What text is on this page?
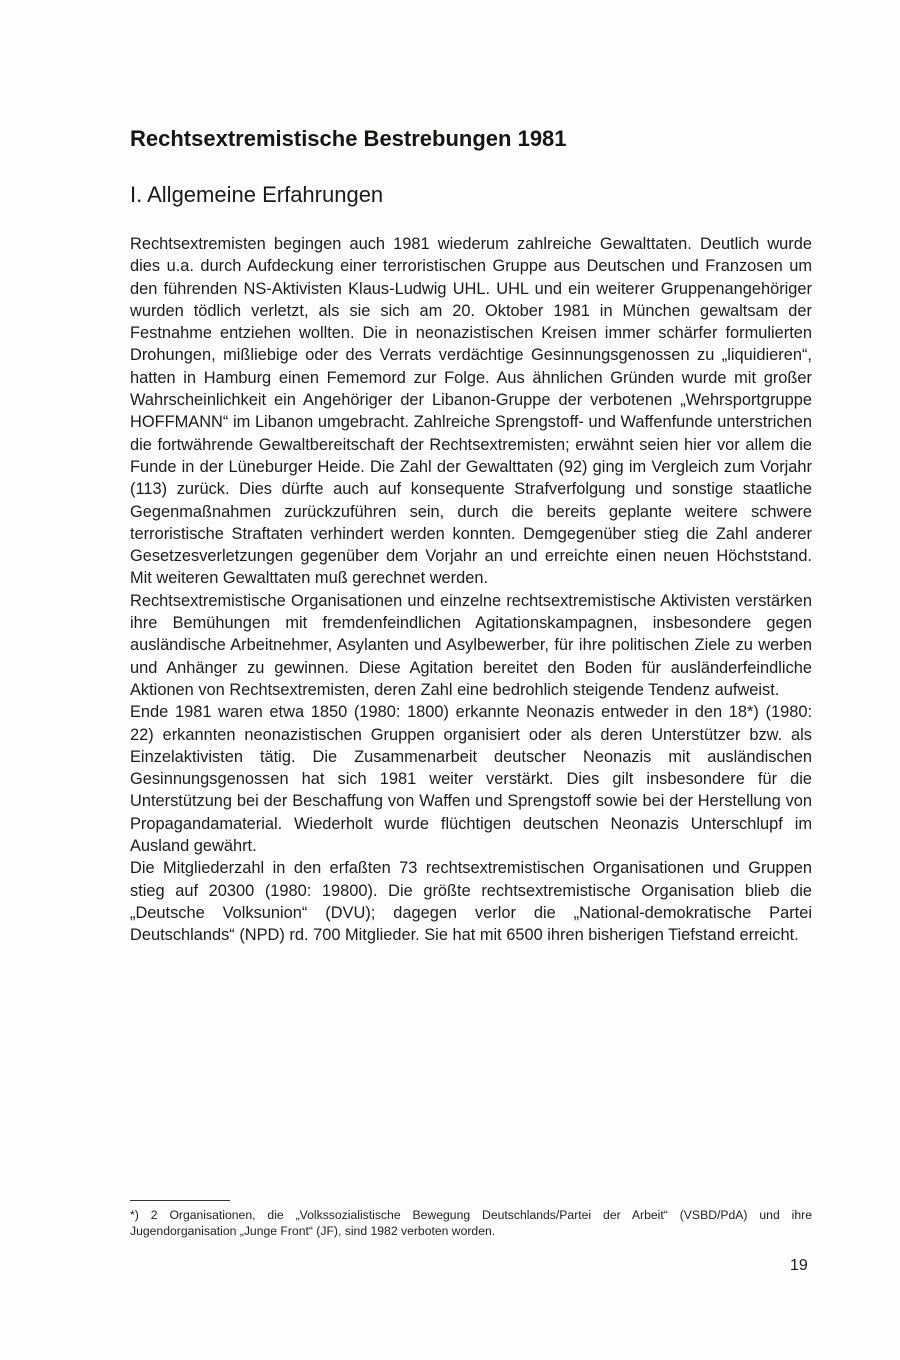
Rechtsextremistische Bestrebungen 1981
I. Allgemeine Erfahrungen

Rechtsextremisten begingen auch 1981 wiederum zahlreiche Gewalttaten. Deutlich wurde dies u.a. durch Aufdeckung einer terroristischen Gruppe aus Deutschen und Franzosen um den führenden NS-Aktivisten Klaus-Ludwig UHL. UHL und ein weiterer Gruppenangehöriger wurden tödlich verletzt, als sie sich am 20. Oktober 1981 in München gewaltsam der Festnahme entziehen wollten. Die in neonazistischen Kreisen immer schärfer formulierten Drohungen, mißliebige oder des Verrats verdächtige Gesinnungsgenossen zu „liquidieren“, hatten in Hamburg einen Fememord zur Folge. Aus ähnlichen Gründen wurde mit großer Wahrscheinlichkeit ein Angehöriger der Libanon-Gruppe der verbotenen „Wehrsportgruppe HOFFMANN“ im Libanon umgebracht. Zahlreiche Sprengstoff- und Waffenfunde unterstrichen die fortwährende Gewaltbereitschaft der Rechtsextremisten; erwähnt seien hier vor allem die Funde in der Lüneburger Heide. Die Zahl der Gewalttaten (92) ging im Vergleich zum Vorjahr (113) zurück. Dies dürfte auch auf konsequente Strafverfolgung und sonstige staatliche Gegenmaßnahmen zurückzuführen sein, durch die bereits geplante weitere schwere terroristische Straftaten verhindert werden konnten. Demgegenüber stieg die Zahl anderer Gesetzesverletzungen gegenüber dem Vorjahr an und erreichte einen neuen Höchststand. Mit weiteren Gewalttaten muß gerechnet werden.

Rechtsextremistische Organisationen und einzelne rechtsextremistische Aktivisten verstärken ihre Bemühungen mit fremdenfeindlichen Agitationskampagnen, insbesondere gegen ausländische Arbeitnehmer, Asylanten und Asylbewerber, für ihre politischen Ziele zu werben und Anhänger zu gewinnen. Diese Agitation bereitet den Boden für ausländerfeindliche Aktionen von Rechtsextremisten, deren Zahl eine bedrohlich steigende Tendenz aufweist.

Ende 1981 waren etwa 1850 (1980: 1800) erkannte Neonazis entweder in den 18*) (1980: 22) erkannten neonazistischen Gruppen organisiert oder als deren Unterstützer bzw. als Einzelaktivisten tätig. Die Zusammenarbeit deutscher Neonazis mit ausländischen Gesinnungsgenossen hat sich 1981 weiter verstärkt. Dies gilt insbesondere für die Unterstützung bei der Beschaffung von Waffen und Sprengstoff sowie bei der Herstellung von Propagandamaterial. Wiederholt wurde flüchtigen deutschen Neonazis Unterschlupf im Ausland gewährt.

Die Mitgliederzahl in den erfaßten 73 rechtsextremistischen Organisationen und Gruppen stieg auf 20300 (1980: 19800). Die größte rechtsextremistische Organisation blieb die „Deutsche Volksunion“ (DVU); dagegen verlor die „National-demokratische Partei Deutschlands“ (NPD) rd. 700 Mitglieder. Sie hat mit 6500 ihren bisherigen Tiefstand erreicht.

*) 2 Organisationen, die „Volkssozialistische Bewegung Deutschlands/Partei der Arbeit“ (VSBD/PdA) und ihre Jugendorganisation „Junge Front“ (JF), sind 1982 verboten worden.
19
